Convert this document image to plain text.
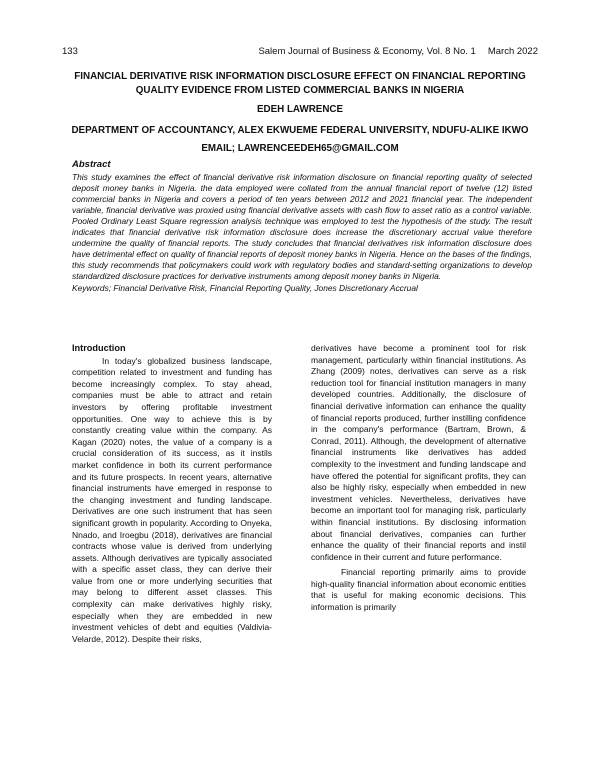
133	Salem Journal of Business & Economy, Vol. 8 No. 1	March 2022
FINANCIAL DERIVATIVE RISK INFORMATION DISCLOSURE EFFECT ON FINANCIAL REPORTING
QUALITY EVIDENCE FROM LISTED COMMERCIAL BANKS IN NIGERIA
EDEH LAWRENCE
DEPARTMENT OF ACCOUNTANCY, ALEX EKWUEME FEDERAL UNIVERSITY, NDUFU-ALIKE IKWO
EMAIL; LAWRENCEEDEH65@GMAIL.COM
Abstract
This study examines the effect of financial derivative risk information disclosure on financial reporting quality of selected deposit money banks in Nigeria. the data employed were collated from the annual financial report of twelve (12) listed commercial banks in Nigeria and covers a period of ten years between 2012 and 2021 financial year. The independent variable, financial derivative was proxied using financial derivative assets with cash flow to asset ratio as a control variable. Pooled Ordinary Least Square regression analysis technique was employed to test the hypothesis of the study. The result indicates that financial derivative risk information disclosure does increase the discretionary accrual value therefore undermine the quality of financial reports. The study concludes that financial derivatives risk information disclosure does have detrimental effect on quality of financial reports of deposit money banks in Nigeria. Hence on the bases of the findings, this study recommends that policymakers could work with regulatory bodies and standard-setting organizations to develop standardized disclosure practices for derivative instruments among deposit money banks in Nigeria.
Keywords; Financial Derivative Risk, Financial Reporting Quality, Jones Discretionary Accrual

Introduction

In today's globalized business landscape, competition related to investment and funding has become increasingly complex. To stay ahead, companies must be able to attract and retain investors by offering profitable investment opportunities. One way to achieve this is by constantly creating value within the company. As Kagan (2020) notes, the value of a company is a crucial consideration of its success, as it instils market confidence in both its current performance and its future prospects. In recent years, alternative financial instruments have emerged in response to the changing investment and funding landscape. Derivatives are one such instrument that has seen significant growth in popularity. According to Onyeka, Nnado, and Iroegbu (2018), derivatives are financial contracts whose value is derived from underlying assets. Although derivatives are typically associated with a specific asset class, they can derive their value from one or more underlying securities that may belong to different asset classes. This complexity can make derivatives highly risky, especially when they are embedded in new investment vehicles of debt and equities (Valdivia-Velarde, 2012). Despite their risks,

derivatives have become a prominent tool for risk management, particularly within financial institutions. As Zhang (2009) notes, derivatives can serve as a risk reduction tool for financial institution managers in many developed countries. Additionally, the disclosure of financial derivative information can enhance the quality of financial reports produced, further instilling confidence in the company's performance (Bartram, Brown, & Conrad, 2011). Although, the development of alternative financial instruments like derivatives has added complexity to the investment and funding landscape and have offered the potential for significant profits, they can also be highly risky, especially when embedded in new investment vehicles. Nevertheless, derivatives have become an important tool for managing risk, particularly within financial institutions. By disclosing information about financial derivatives, companies can further enhance the quality of their financial reports and instil confidence in their current and future performance.

Financial reporting primarily aims to provide high-quality financial information about economic entities that is useful for making economic decisions. This information is primarily
